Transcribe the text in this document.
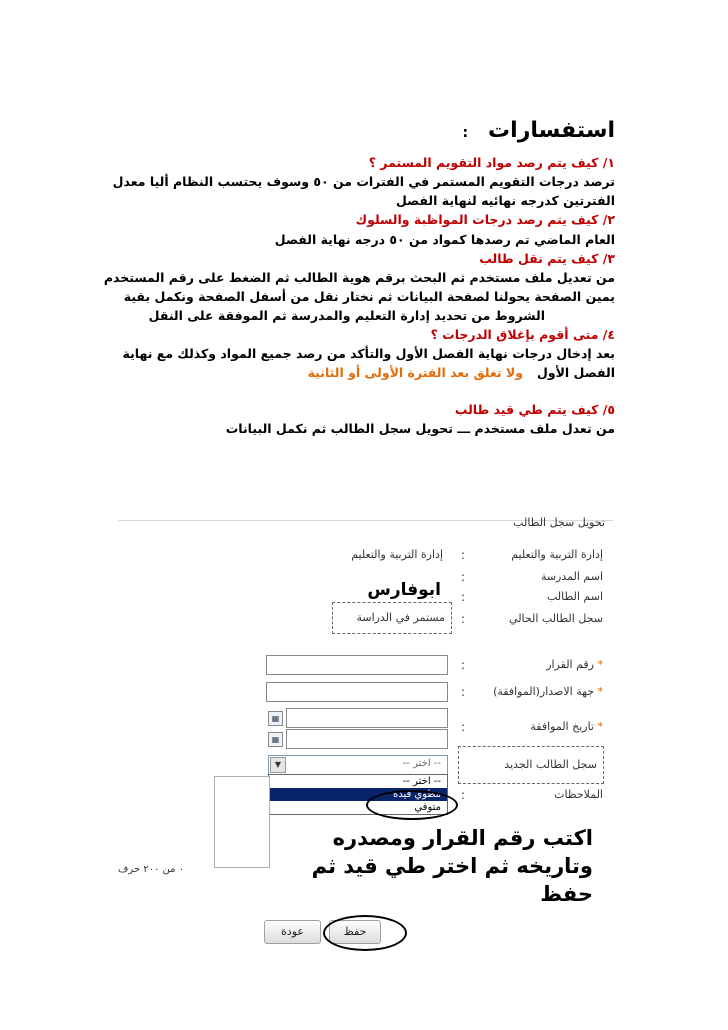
استفسارات:
١/ كيف يتم رصد مواد التقويم المستمر ؟
ترصد درجات التقويم المستمر في الفترات من ٥٠ وسوف يحتسب النظام أليا معدل
الفترتين كدرجه نهائيه لنهاية الفصل
٢/ كيف يتم رصد درجات المواظبة والسلوك
العام الماضي تم رصدها كمواد من ٥٠ درجه نهاية الفصل
٣/ كيف يتم نقل طالب
من تعديل ملف مستخدم ثم البحث برقم هوية الطالب ثم الضغط على رقم المستخدم
يمين الصفحة يحولنا لصفحة البيانات ثم نختار نقل من أسفل الصفحة ونكمل بقية
الشروط من تحديد إدارة التعليم والمدرسة ثم الموفقة على النقل
٤/ متى أقوم بإغلاق الدرجات ؟
بعد إدخال درجات نهاية الفصل الأول والتأكد من رصد جميع المواد وكذلك مع نهاية
الفصل الأول
ولا تغلق بعد الفترة الأولى أو الثانية
٥/ كيف يتم طي قيد طالب
من تعدل ملف مستخدم ـــ تحويل سجل الطالب ثم نكمل البيانات
تحويل سجل الطالب
إدارة التربية والتعليم
:
إدارة التربية والتعليم
اسم المدرسة
:
اسم الطالب
:
ابوفارس
سجل الطالب الحالي
مستمر في الدراسة :
* رقم القرار
:
* جهة الاصدار(الموافقة)
:
* تاريخ الموافقة
:
▦
▦
سجل الطالب الجديد
▼	-- اختر --
-- اختر --
مطوي قيده
متوفي
الملاحظات
:
٠ من ٢٠٠ حرف
اكتب رقم القرار ومصدره
وتاريخه ثم اختر طي قيد ثم
حفظ
حفظ
عودة
